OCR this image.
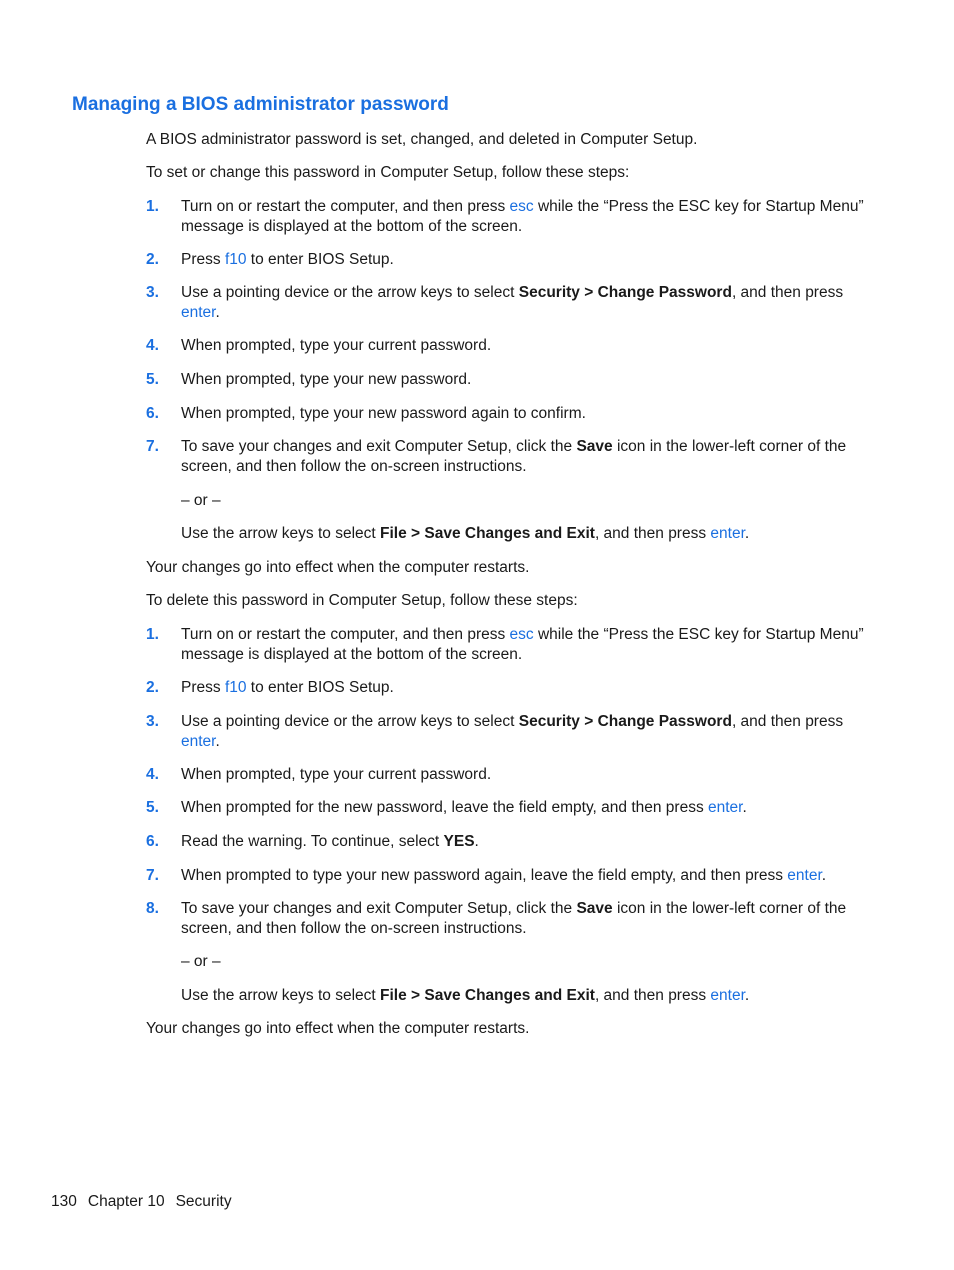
Managing a BIOS administrator password
A BIOS administrator password is set, changed, and deleted in Computer Setup.
To set or change this password in Computer Setup, follow these steps:
1. Turn on or restart the computer, and then press esc while the “Press the ESC key for Startup Menu” message is displayed at the bottom of the screen.
2. Press f10 to enter BIOS Setup.
3. Use a pointing device or the arrow keys to select Security > Change Password, and then press
enter.
4. When prompted, type your current password.
5. When prompted, type your new password.
6. When prompted, type your new password again to confirm.
7. To save your changes and exit Computer Setup, click the Save icon in the lower-left corner of the screen, and then follow the on-screen instructions.
– or –
Use the arrow keys to select File > Save Changes and Exit, and then press enter.
Your changes go into effect when the computer restarts.
To delete this password in Computer Setup, follow these steps:
1. Turn on or restart the computer, and then press esc while the “Press the ESC key for Startup Menu” message is displayed at the bottom of the screen.
2. Press f10 to enter BIOS Setup.
3. Use a pointing device or the arrow keys to select Security > Change Password, and then press
enter.
4. When prompted, type your current password.
5. When prompted for the new password, leave the field empty, and then press enter.
6. Read the warning. To continue, select YES.
7. When prompted to type your new password again, leave the field empty, and then press enter.
8. To save your changes and exit Computer Setup, click the Save icon in the lower-left corner of the screen, and then follow the on-screen instructions.
– or –
Use the arrow keys to select File > Save Changes and Exit, and then press enter.
Your changes go into effect when the computer restarts.
130 Chapter 10 Security
